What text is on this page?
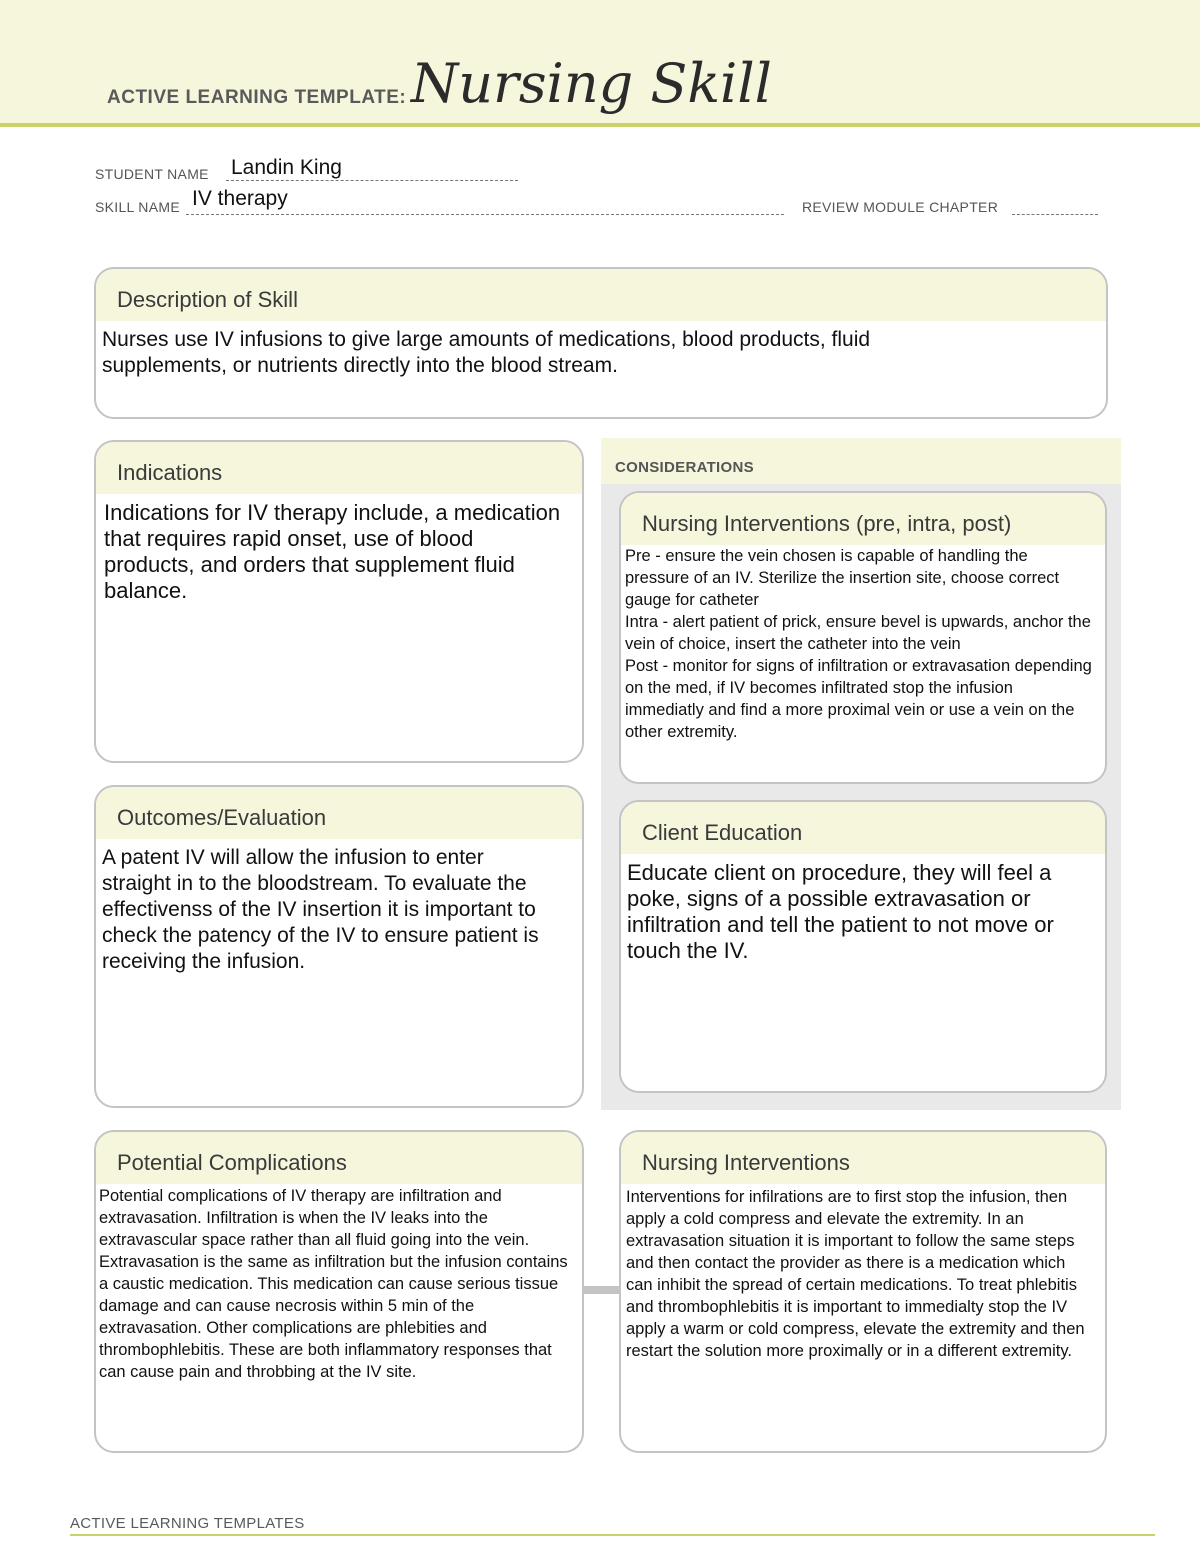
ACTIVE LEARNING TEMPLATE: Nursing Skill
STUDENT NAME Landin King
SKILL NAME IV therapy	REVIEW MODULE CHAPTER
Description of Skill
Nurses use IV infusions to give large amounts of medications, blood products, fluid supplements, or nutrients directly into the blood stream.
Indications
Indications for IV therapy include, a medication that requires rapid onset, use of blood products, and orders that supplement fluid balance.
Outcomes/Evaluation
A patent IV will allow the infusion to enter straight in to the bloodstream. To evaluate the effectivenss of the IV insertion it is important to check the patency of the IV to ensure patient is receiving the infusion.
CONSIDERATIONS
Nursing Interventions (pre, intra, post)
Pre - ensure the vein chosen is capable of handling the pressure of an IV. Sterilize the insertion site, choose correct gauge for catheter
Intra - alert patient of prick, ensure bevel is upwards, anchor the vein of choice, insert the catheter into the vein
Post - monitor for signs of infiltration or extravasation depending on the med, if IV becomes infiltrated stop the infusion immediatly and find a more proximal vein or use a vein on the other extremity.
Client Education
Educate client on procedure, they will feel a poke, signs of a possible extravasation or infiltration and tell the patient to not move or touch the IV.
Potential Complications
Potential complications of IV therapy are infiltration and extravasation. Infiltration is when the IV leaks into the extravascular space rather than all fluid going into the vein. Extravasation is the same as infiltration but the infusion contains a caustic medication. This medication can cause serious tissue damage and can cause necrosis within 5 min of the extravasation. Other complications are phlebities and thrombophlebitis. These are both inflammatory responses that can cause pain and throbbing at the IV site.
Nursing Interventions
Interventions for infilrations are to first stop the infusion, then apply a cold compress and elevate the extremity. In an extravasation situation it is important to follow the same steps and then contact the provider as there is a medication which can inhibit the spread of certain medications. To treat phlebitis and thrombophlebitis it is important to immedialty stop the IV apply a warm or cold compress, elevate the extremity and then restart the solution more proximally or in a different extremity.
ACTIVE LEARNING TEMPLATES
